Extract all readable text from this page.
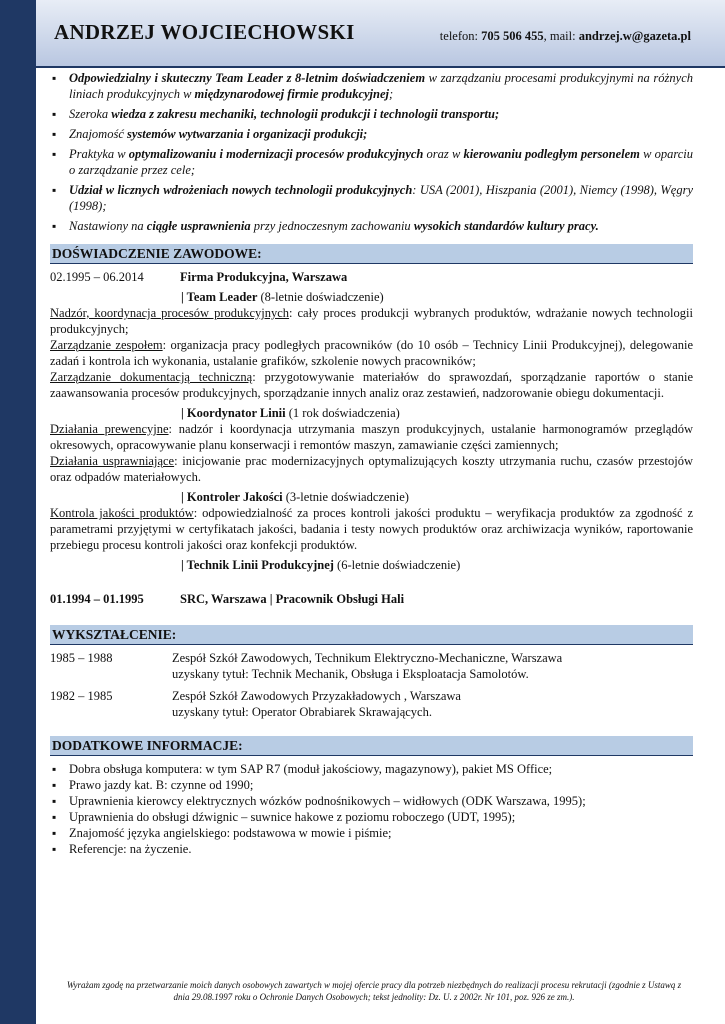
ANDRZEJ WOJCIECHOWSKI	telefon: 705 506 455, mail: andrzej.w@gazeta.pl
▪ Odpowiedzialny i skuteczny Team Leader z 8-letnim doświadczeniem w zarządzaniu procesami produkcyjnymi na różnych liniach produkcyjnych w międzynarodowej firmie produkcyjnej;
▪ Szeroka wiedza z zakresu mechaniki, technologii produkcji i technologii transportu;
▪ Znajomość systemów wytwarzania i organizacji produkcji;
▪ Praktyka w optymalizowaniu i modernizacji procesów produkcyjnych oraz w kierowaniu podległym personelem w oparciu o zarządzanie przez cele;
▪ Udział w licznych wdrożeniach nowych technologii produkcyjnych: USA (2001), Hiszpania (2001), Niemcy (1998), Węgry (1998);
▪ Nastawiony na ciągłe usprawnienia przy jednoczesnym zachowaniu wysokich standardów kultury pracy.
DOŚWIADCZENIE ZAWODOWE:
02.1995 – 06.2014	Firma Produkcyjna, Warszawa
| Team Leader (8-letnie doświadczenie)
Nadzór, koordynacja procesów produkcyjnych: cały proces produkcji wybranych produktów, wdrażanie nowych technologii produkcyjnych;
Zarządzanie zespołem: organizacja pracy podległych pracowników (do 10 osób – Technicy Linii Produkcyjnej), delegowanie zadań i kontrola ich wykonania, ustalanie grafików, szkolenie nowych pracowników;
Zarządzanie dokumentacją techniczną: przygotowywanie materiałów do sprawozdań, sporządzanie raportów o stanie zaawansowania procesów produkcyjnych, sporządzanie innych analiz oraz zestawień, nadzorowanie obiegu dokumentacji.
| Koordynator Linii (1 rok doświadczenia)
Działania prewencyjne: nadzór i koordynacja utrzymania maszyn produkcyjnych, ustalanie harmonogramów przeglądów okresowych, opracowywanie planu konserwacji i remontów maszyn, zamawianie części zamiennych;
Działania usprawniające: inicjowanie prac modernizacyjnych optymalizujących koszty utrzymania ruchu, czasów przestojów oraz odpadów materiałowych.
| Kontroler Jakości (3-letnie doświadczenie)
Kontrola jakości produktów: odpowiedzialność za proces kontroli jakości produktu – weryfikacja produktów za zgodność z parametrami przyjętymi w certyfikatach jakości, badania i testy nowych produktów oraz archiwizacja wyników, raportowanie przebiegu procesu kontroli jakości oraz konfekcji produktów.
| Technik Linii Produkcyjnej (6-letnie doświadczenie)
01.1994 – 01.1995	SRC, Warszawa | Pracownik Obsługi Hali
WYKSZTAŁCENIE:
1985 – 1988	Zespół Szkół Zawodowych, Technikum Elektryczno-Mechaniczne, Warszawa
uzyskany tytuł: Technik Mechanik, Obsługa i Eksploatacja Samolotów.
1982 – 1985	Zespół Szkół Zawodowych Przyzakładowych , Warszawa
uzyskany tytuł: Operator Obrabiarek Skrawających.
DODATKOWE INFORMACJE:
▪ Dobra obsługa komputera: w tym SAP R7 (moduł jakościowy, magazynowy), pakiet MS Office;
▪ Prawo jazdy kat. B: czynne od 1990;
▪ Uprawnienia kierowcy elektrycznych wózków podnośnikowych – widłowych (ODK Warszawa, 1995);
▪ Uprawnienia do obsługi dźwignic – suwnice hakowe z poziomu roboczego (UDT, 1995);
▪ Znajomość języka angielskiego: podstawowa w mowie i piśmie;
▪ Referencje: na życzenie.
Wyrażam zgodę na przetwarzanie moich danych osobowych zawartych w mojej ofercie pracy dla potrzeb niezbędnych do realizacji procesu rekrutacji (zgodnie z Ustawą z dnia 29.08.1997 roku o Ochronie Danych Osobowych; tekst jednolity: Dz. U. z 2002r. Nr 101, poz. 926 ze zm.).
